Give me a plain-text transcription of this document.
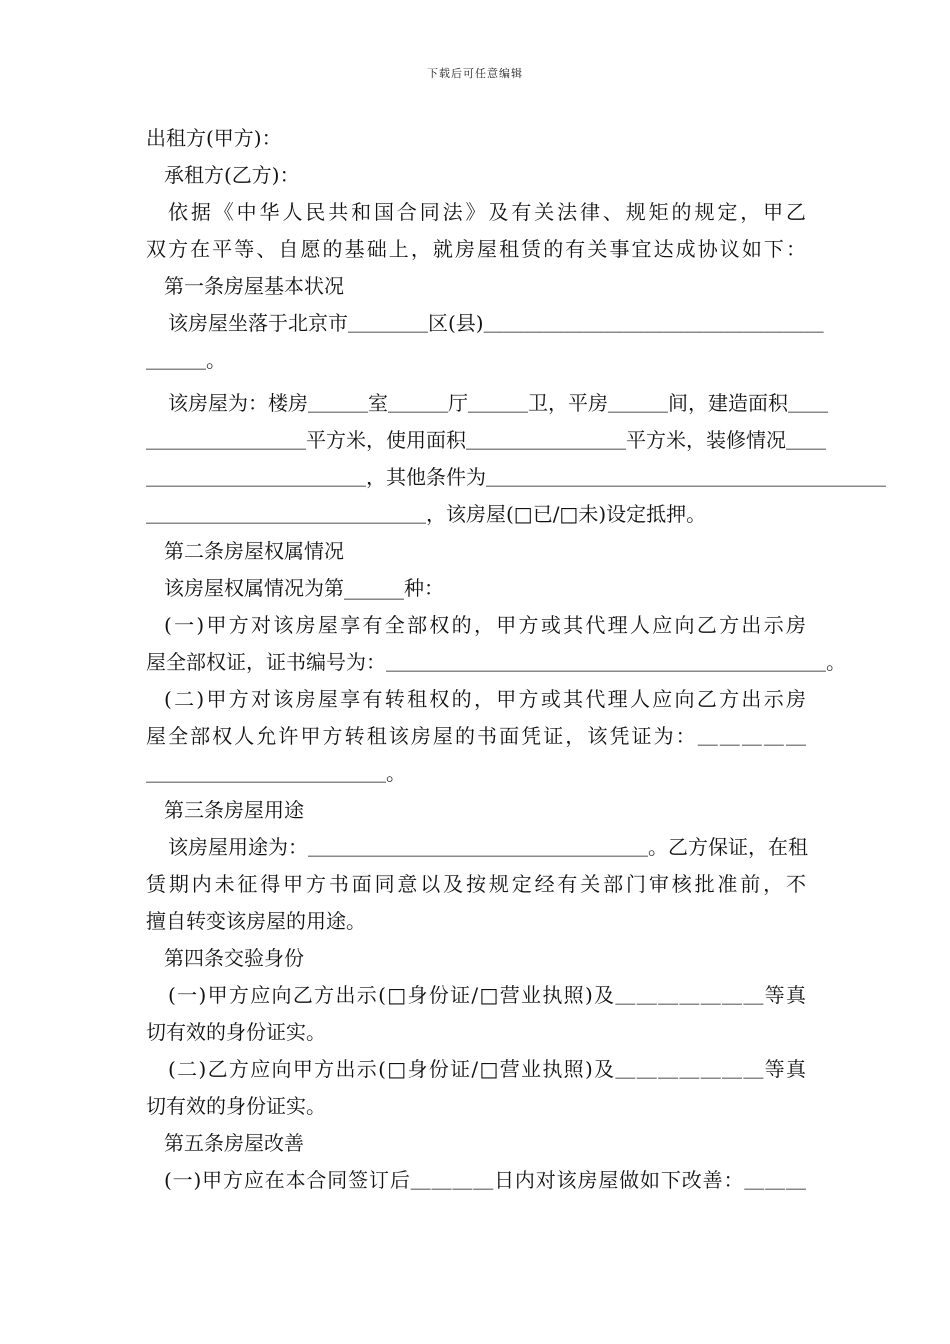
下载后可任意编辑
出租方(甲方)：
承租方(乙方)：
依据《中华人民共和国合同法》及有关法律、规矩的规定，甲乙
双方在平等、自愿的基础上，就房屋租赁的有关事宜达成协议如下：
第一条房屋基本状况
该房屋坐落于北京市＿＿＿＿区(县)＿＿＿＿＿＿＿＿＿＿＿＿＿＿＿＿＿
＿＿＿。
该房屋为：楼房＿＿＿室＿＿＿厅＿＿＿卫，平房＿＿＿间，建造面积＿＿
＿＿＿＿＿＿＿＿平方米，使用面积＿＿＿＿＿＿＿＿平方米，装修情况＿＿
＿＿＿＿＿＿＿＿＿＿＿，其他条件为＿＿＿＿＿＿＿＿＿＿＿＿＿＿＿＿＿＿＿＿
＿＿＿＿＿＿＿＿＿＿＿＿＿＿，该房屋(□已/□未)设定抵押。
第二条房屋权属情况
该房屋权属情况为第______种：
(一)甲方对该房屋享有全部权的，甲方或其代理人应向乙方出示房
屋全部权证，证书编号为：＿＿＿＿＿＿＿＿＿＿＿＿＿＿＿＿＿＿＿＿＿＿。
(二)甲方对该房屋享有转租权的，甲方或其代理人应向乙方出示房
屋全部权人允许甲方转租该房屋的书面凭证，该凭证为：＿＿＿＿＿
＿＿＿＿＿＿＿＿＿＿＿＿。
第三条房屋用途
该房屋用途为：＿＿＿＿＿＿＿＿＿＿＿＿＿＿＿＿＿。乙方保证，在租
赁期内未征得甲方书面同意以及按规定经有关部门审核批准前，不
擅自转变该房屋的用途。
第四条交验身份
(一)甲方应向乙方出示(□身份证/□营业执照)及＿＿＿＿＿＿＿等真
切有效的身份证实。
(二)乙方应向甲方出示(□身份证/□营业执照)及＿＿＿＿＿＿＿等真
切有效的身份证实。
第五条房屋改善
(一)甲方应在本合同签订后＿＿＿＿日内对该房屋做如下改善：＿＿＿
